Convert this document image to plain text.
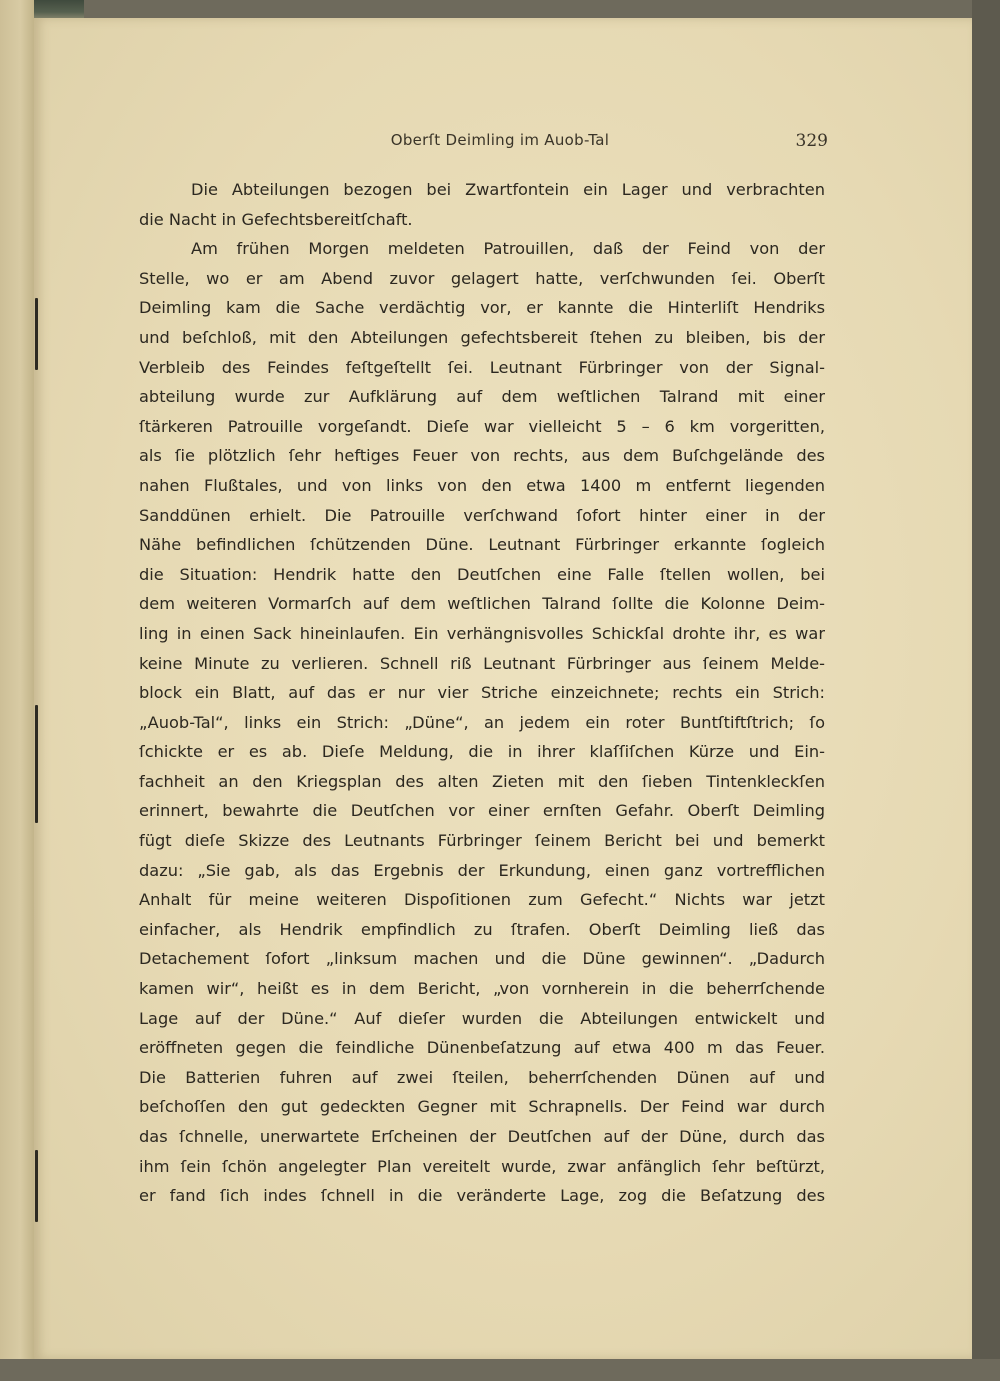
Oberſt Deimling im Auob-Tal	329
Die Abteilungen bezogen bei Zwartfontein ein Lager und verbrachten
die Nacht in Gefechtsbereitſchaft.
Am frühen Morgen meldeten Patrouillen, daß der Feind von der
Stelle, wo er am Abend zuvor gelagert hatte, verſchwunden ſei. Oberſt
Deimling kam die Sache verdächtig vor, er kannte die Hinterliſt Hendriks
und beſchloß, mit den Abteilungen gefechtsbereit ſtehen zu bleiben, bis der
Verbleib des Feindes feſtgeſtellt ſei. Leutnant Fürbringer von der Signal-
abteilung wurde zur Aufklärung auf dem weſtlichen Talrand mit einer
ſtärkeren Patrouille vorgeſandt. Dieſe war vielleicht 5 – 6 km vorgeritten,
als ſie plötzlich ſehr heftiges Feuer von rechts, aus dem Buſchgelände des
nahen Flußtales, und von links von den etwa 1400 m entfernt liegenden
Sanddünen erhielt. Die Patrouille verſchwand ſofort hinter einer in der
Nähe befindlichen ſchützenden Düne. Leutnant Fürbringer erkannte ſogleich
die Situation: Hendrik hatte den Deutſchen eine Falle ſtellen wollen, bei
dem weiteren Vormarſch auf dem weſtlichen Talrand ſollte die Kolonne Deim-
ling in einen Sack hineinlaufen. Ein verhängnisvolles Schickſal drohte ihr, es war
keine Minute zu verlieren. Schnell riß Leutnant Fürbringer aus ſeinem Melde-
block ein Blatt, auf das er nur vier Striche einzeichnete; rechts ein Strich:
„Auob-Tal“, links ein Strich: „Düne“, an jedem ein roter Buntſtiftſtrich; ſo
ſchickte er es ab. Dieſe Meldung, die in ihrer klaſſiſchen Kürze und Ein-
fachheit an den Kriegsplan des alten Zieten mit den ſieben Tintenkleckſen
erinnert, bewahrte die Deutſchen vor einer ernſten Gefahr. Oberſt Deimling
fügt dieſe Skizze des Leutnants Fürbringer ſeinem Bericht bei und bemerkt
dazu: „Sie gab, als das Ergebnis der Erkundung, einen ganz vortrefflichen
Anhalt für meine weiteren Dispoſitionen zum Gefecht.“ Nichts war jetzt
einfacher, als Hendrik empfindlich zu ſtrafen. Oberſt Deimling ließ das
Detachement ſofort „linksum machen und die Düne gewinnen“. „Dadurch
kamen wir“, heißt es in dem Bericht, „von vornherein in die beherrſchende
Lage auf der Düne.“ Auf dieſer wurden die Abteilungen entwickelt und
eröffneten gegen die feindliche Dünenbeſatzung auf etwa 400 m das Feuer.
Die Batterien fuhren auf zwei ſteilen, beherrſchenden Dünen auf und
beſchoſſen den gut gedeckten Gegner mit Schrapnells. Der Feind war durch
das ſchnelle, unerwartete Erſcheinen der Deutſchen auf der Düne, durch das
ihm ſein ſchön angelegter Plan vereitelt wurde, zwar anfänglich ſehr beſtürzt,
er fand ſich indes ſchnell in die veränderte Lage, zog die Beſatzung des
